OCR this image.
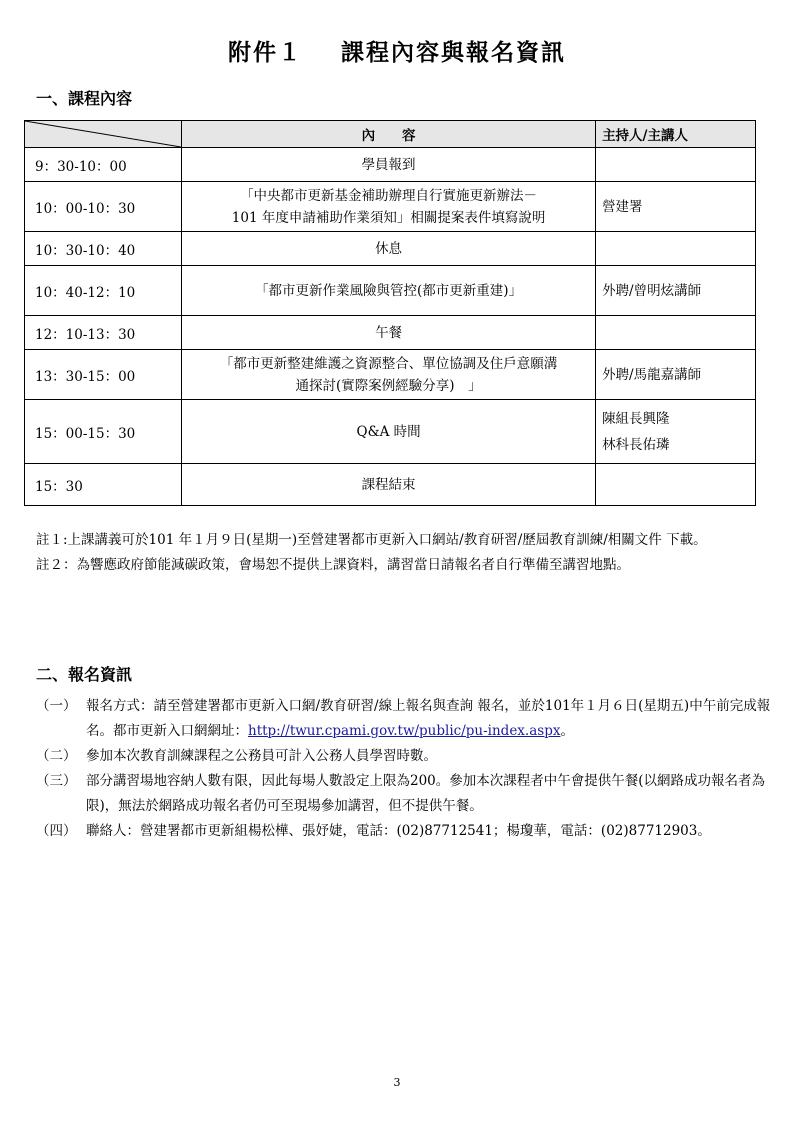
附件１ 課程內容與報名資訊
一、課程內容
	內　　容	主持人/主講人
9：30-10：00	學員報到	

10：00-10：30	「中央都市更新基金補助辦理自行實施更新辦法－
101 年度申請補助作業須知」相關提案表件填寫說明	營建署

10：30-10：40	休息	

10：40-12：10	「都市更新作業風險與管控(都市更新重建)」	外聘/曾明炫講師

12：10-13：30	午餐	

13：30-15：00	「都市更新整建維護之資源整合、單位協調及住戶意願溝
通探討(實際案例經驗分享)　」	外聘/馬龍嘉講師

15：00-15：30	Q&A 時間	陳組長興隆
林科長佑璘

15：30	課程結束	

註１:上課講義可於101 年１月９日(星期一)至營建署都市更新入口網站/教育研習/歷屆教育訓練/相關文件 下載。

註２：為響應政府節能減碳政策，會場恕不提供上課資料，講習當日請報名者自行準備至講習地點。

二、報名資訊
（一） 報名方式：請至營建署都市更新入口網/教育研習/線上報名與查詢 報名，並於101年１月６日(星期五)中午前完成報名。都市更新入口網網址：http://twur.cpami.gov.tw/public/pu-index.aspx。
（二） 參加本次教育訓練課程之公務員可計入公務人員學習時數。
（三） 部分講習場地容納人數有限，因此每場人數設定上限為200。參加本次課程者中午會提供午餐(以網路成功報名者為限)，無法於網路成功報名者仍可至現場參加講習，但不提供午餐。
（四） 聯絡人：營建署都市更新組楊松樺、張妤婕，電話：(02)87712541；楊瓊華，電話：(02)87712903。
3
